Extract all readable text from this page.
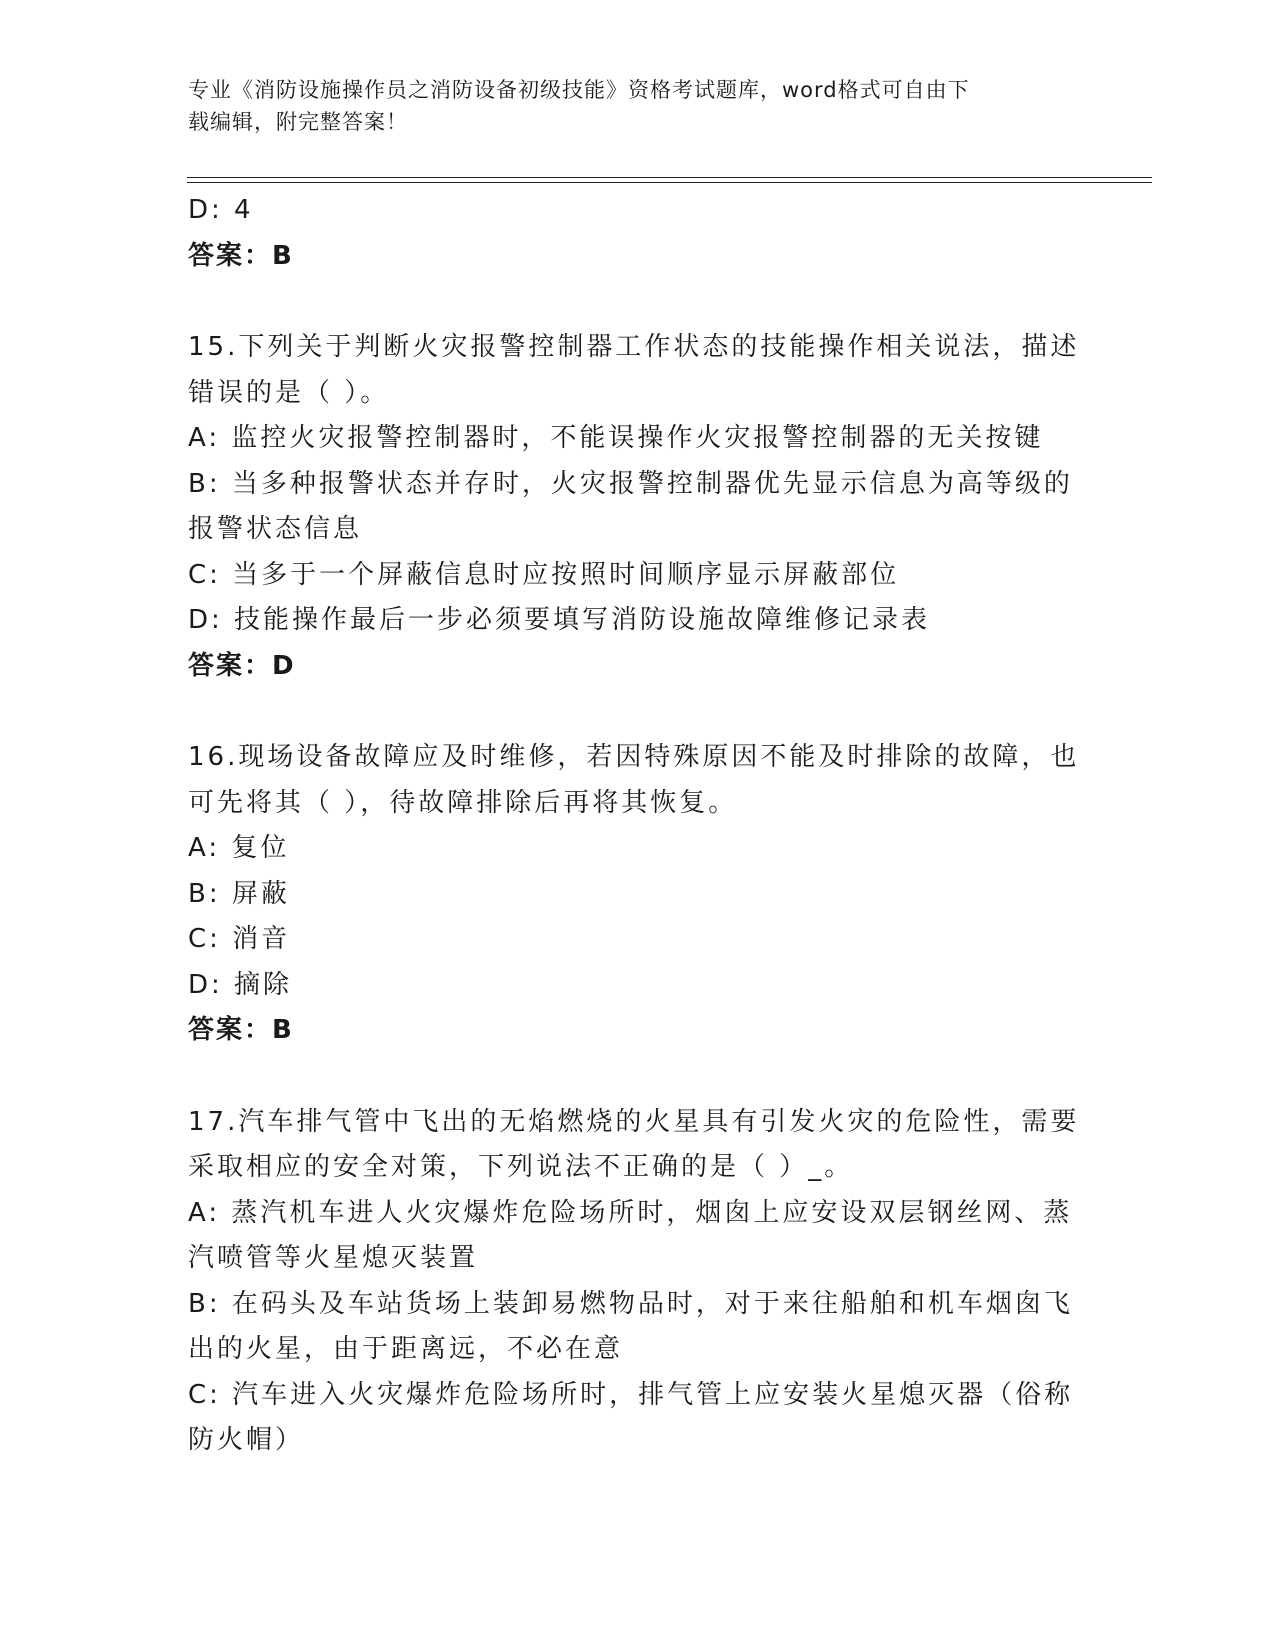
专业《消防设施操作员之消防设备初级技能》资格考试题库，word格式可自由下
载编辑，附完整答案！
D: 4
答案：B
15.下列关于判断火灾报警控制器工作状态的技能操作相关说法，描述
错误的是（ ）。
A: 监控火灾报警控制器时，不能误操作火灾报警控制器的无关按键
B: 当多种报警状态并存时，火灾报警控制器优先显示信息为高等级的
报警状态信息
C: 当多于一个屏蔽信息时应按照时间顺序显示屏蔽部位
D: 技能操作最后一步必须要填写消防设施故障维修记录表
答案：D
16.现场设备故障应及时维修，若因特殊原因不能及时排除的故障，也
可先将其（ ），待故障排除后再将其恢复。
A: 复位
B: 屏蔽
C: 消音
D: 摘除
答案：B
17.汽车排气管中飞出的无焰燃烧的火星具有引发火灾的危险性，需要
采取相应的安全对策，下列说法不正确的是（ ）_。
A: 蒸汽机车进人火灾爆炸危险场所时，烟囱上应安设双层钢丝网、蒸
汽喷管等火星熄灭装置
B: 在码头及车站货场上装卸易燃物品时，对于来往船舶和机车烟囱飞
出的火星，由于距离远，不必在意
C: 汽车进入火灾爆炸危险场所时，排气管上应安装火星熄灭器（俗称
防火帽）
